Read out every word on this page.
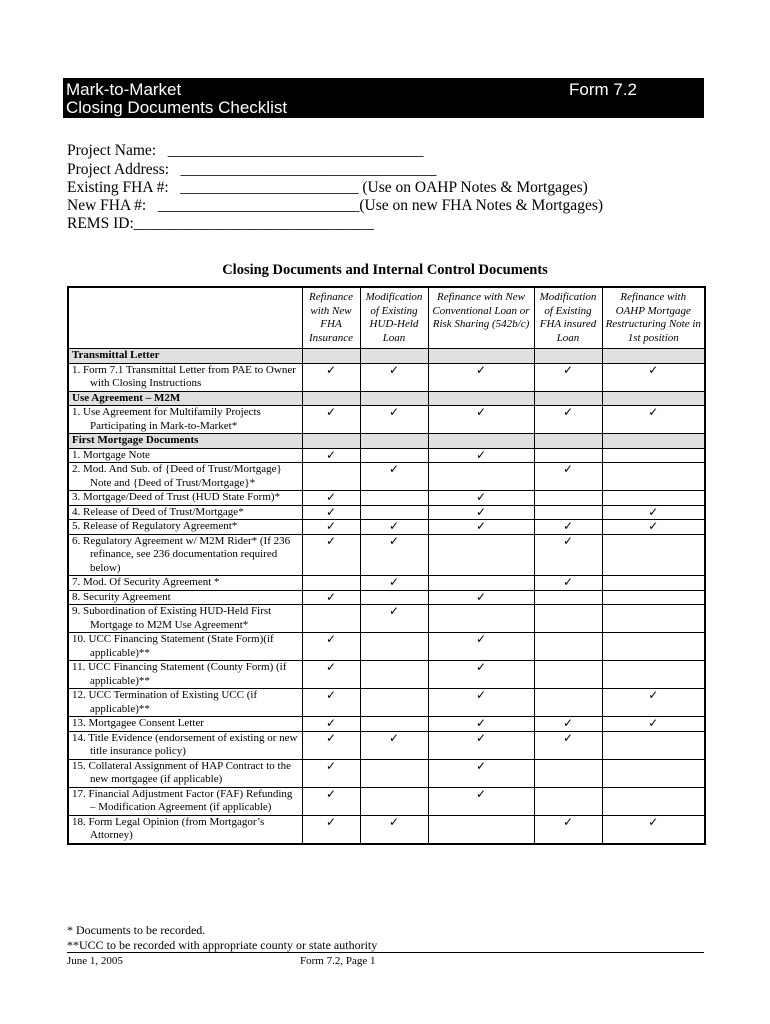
Mark-to-Market
Closing Documents Checklist
Form 7.2
Project Name:   _________________________________
Project Address:   _________________________________
Existing FHA #:   _______________________ (Use on OAHP Notes & Mortgages)
New FHA #:   __________________________(Use on new FHA Notes & Mortgages)
REMS ID:_______________________________
Closing Documents and Internal Control Documents
	Refinance with New FHA Insurance	Modification of Existing HUD-Held Loan	Refinance with New Conventional Loan or Risk Sharing (542b/c)	Modification of Existing FHA insured Loan	Refinance with OAHP Mortgage Restructuring Note in 1st position
Transmittal Letter					

1. Form 7.1 Transmittal Letter from PAE to Owner with Closing Instructions	✓	✓	✓	✓	✓
Use Agreement – M2M					

1. Use Agreement for Multifamily Projects Participating in Mark-to-Market*	✓	✓	✓	✓	✓
First Mortgage Documents					

1. Mortgage Note	✓		✓		

2. Mod. And Sub. of {Deed of Trust/Mortgage} Note and {Deed of Trust/Mortgage}*		✓		✓	

3. Mortgage/Deed of Trust (HUD State Form)*	✓		✓		

4. Release of Deed of Trust/Mortgage*	✓		✓		✓

5. Release of Regulatory Agreement*	✓	✓	✓	✓	✓

6. Regulatory Agreement w/ M2M Rider* (If 236 refinance, see 236 documentation required below)	✓	✓		✓	

7. Mod. Of Security Agreement *		✓		✓	

8. Security Agreement	✓		✓		

9. Subordination of Existing HUD-Held First Mortgage to M2M Use Agreement*		✓			

10. UCC Financing Statement (State Form)(if applicable)**	✓		✓		

11. UCC Financing Statement (County Form) (if applicable)**	✓		✓		

12. UCC Termination of Existing UCC (if applicable)**	✓		✓		✓

13. Mortgagee Consent Letter	✓		✓	✓	✓

14. Title Evidence (endorsement of existing or new title insurance policy)	✓	✓	✓	✓	

15. Collateral Assignment of HAP Contract to the new mortgagee (if applicable)	✓		✓		

17. Financial Adjustment Factor (FAF) Refunding – Modification Agreement (if applicable)	✓		✓		

18. Form Legal Opinion (from Mortgagor’s Attorney)	✓	✓		✓	✓
* Documents to be recorded.
**UCC to be recorded with appropriate county or state authority
June 1, 2005	Form 7.2, Page 1
